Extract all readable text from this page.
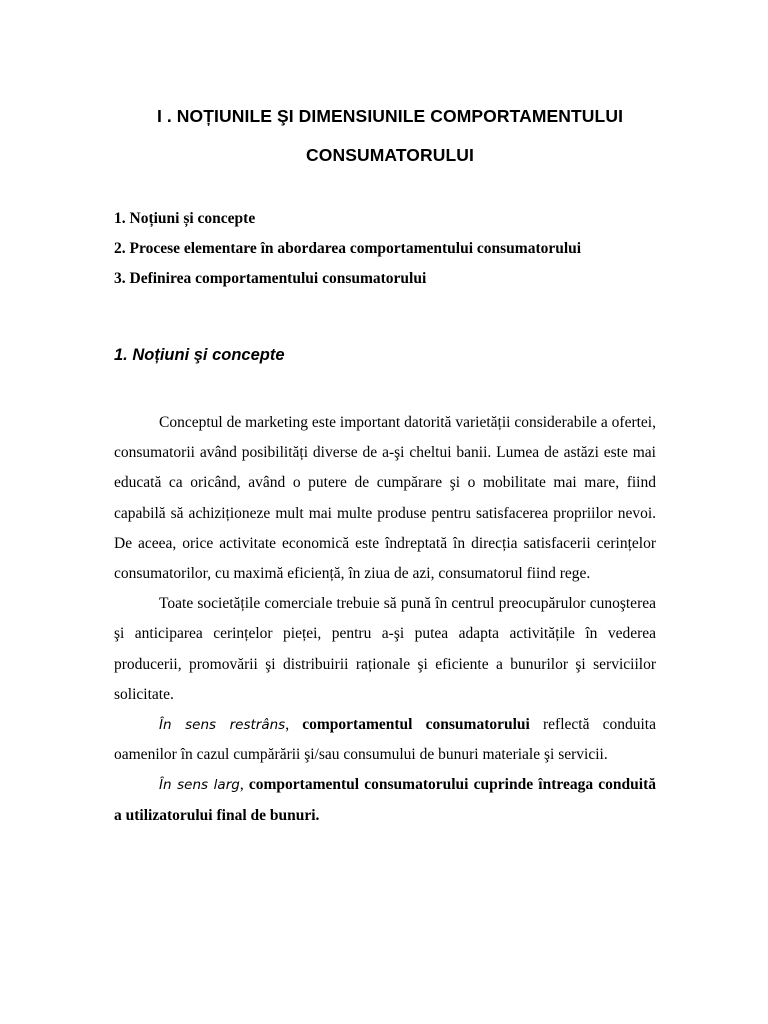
I . NOȚIUNILE ŞI DIMENSIUNILE COMPORTAMENTULUI
CONSUMATORULUI
1. Noțiuni și concepte
2. Procese elementare în abordarea comportamentului consumatorului
3. Definirea comportamentului consumatorului
1. Noțiuni şi concepte

Conceptul de marketing este important datorită varietății considerabile a ofertei, consumatorii având posibilități diverse de a-şi cheltui banii. Lumea de astăzi este mai educată ca oricând, având o putere de cumpărare şi o mobilitate mai mare, fiind capabilă să achiziționeze mult mai multe produse pentru satisfacerea propriilor nevoi. De aceea, orice activitate economică este îndreptată în direcția satisfacerii cerințelor consumatorilor, cu maximă eficiență, în ziua de azi, consumatorul fiind rege.

Toate societățile comerciale trebuie să pună în centrul preocupărulor cunoşterea şi anticiparea cerințelor pieței, pentru a-şi putea adapta activitățile în vederea producerii, promovării şi distribuirii raționale şi eficiente a bunurilor şi serviciilor solicitate.

În sens restrâns, comportamentul consumatorului reflectă conduita oamenilor în cazul cumpărării şi/sau consumului de bunuri materiale şi servicii.

În sens larg, comportamentul consumatorului cuprinde întreaga conduită a utilizatorului final de bunuri.
